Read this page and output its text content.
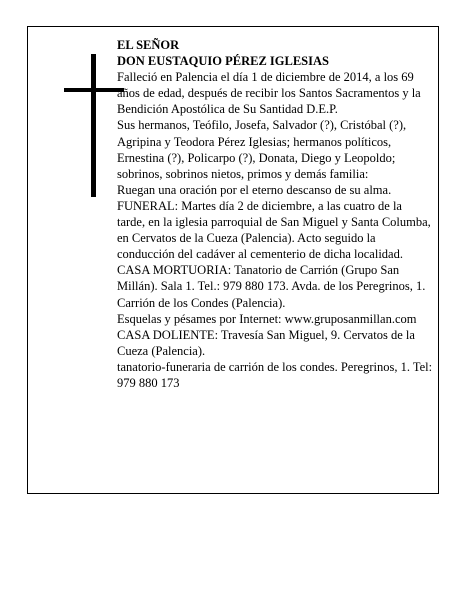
EL SEÑOR

DON EUSTAQUIO PÉREZ IGLESIAS

Falleció en Palencia el día 1 de diciembre de 2014, a los 69 años de edad, después de recibir los Santos Sacramentos y la Bendición Apostólica de Su Santidad D.E.P.

Sus hermanos, Teófilo, Josefa, Salvador (?), Cristóbal (?), Agripina y Teodora Pérez Iglesias; hermanos políticos, Ernestina (?), Policarpo (?), Donata, Diego y Leopoldo; sobrinos, sobrinos nietos, primos y demás familia:

Ruegan una oración por el eterno descanso de su alma.

FUNERAL: Martes día 2 de diciembre, a las cuatro de la tarde, en la iglesia parroquial de San Miguel y Santa Columba, en Cervatos de la Cueza (Palencia). Acto seguido la conducción del cadáver al cementerio de dicha localidad.

CASA MORTUORIA: Tanatorio de Carrión (Grupo San Millán). Sala 1. Tel.: 979 880 173. Avda. de los Peregrinos, 1. Carrión de los Condes (Palencia).

Esquelas y pésames por Internet: www.gruposanmillan.com

CASA DOLIENTE: Travesía San Miguel, 9. Cervatos de la Cueza (Palencia).

tanatorio-funeraria de carrión de los condes. Peregrinos, 1. Tel: 979 880 173
